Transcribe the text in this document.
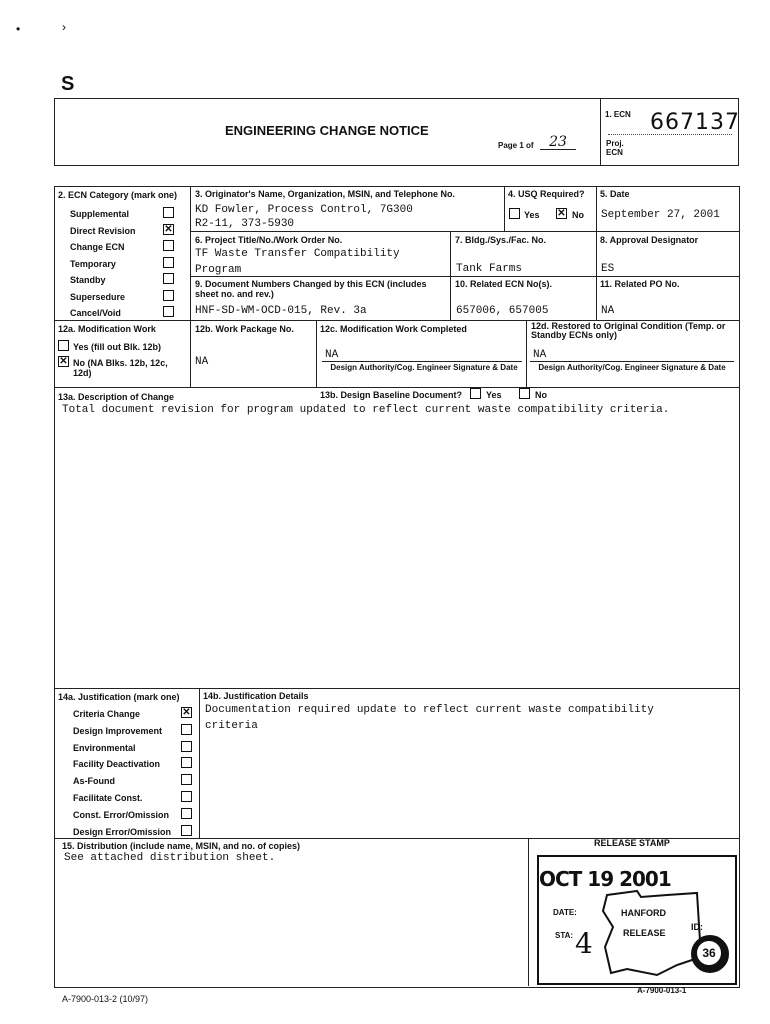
•	›
S
ENGINEERING CHANGE NOTICE
Page 1 of	23
1. ECN 667137
Proj.
ECN
2. ECN Category (mark one)
Supplemental
Direct Revision	✕
Change ECN
Temporary
Standby
Supersedure
Cancel/Void
3. Originator's Name, Organization, MSIN, and Telephone No.
KD Fowler, Process Control, 7G300
R2-11, 373-5930
4. USQ Required?
Yes ✕ No
5. Date
September 27, 2001
6. Project Title/No./Work Order No.
TF Waste Transfer Compatibility
Program
7. Bldg./Sys./Fac. No.
Tank Farms
8. Approval Designator
ES
9. Document Numbers Changed by this ECN (includes sheet no. and rev.)
HNF-SD-WM-OCD-015, Rev. 3a
10. Related ECN No(s).
657006, 657005
11. Related PO No.
NA
12a. Modification Work
Yes (fill out Blk. 12b)
✕ No (NA Blks. 12b, 12c, 12d)
12b. Work Package No.
NA
12c. Modification Work Completed
NA
Design Authority/Cog. Engineer Signature & Date
12d. Restored to Original Condition (Temp. or Standby ECNs only)
NA
Design Authority/Cog. Engineer Signature & Date
13a. Description of Change	13b. Design Baseline Document?	Yes	No
Total document revision for program updated to reflect current waste compatibility criteria.
14a. Justification (mark one)
Criteria Change	✕
Design Improvement
Environmental
Facility Deactivation
As-Found
Facilitate Const.
Const. Error/Omission
Design Error/Omission
14b. Justification Details
Documentation required update to reflect current waste compatibility
criteria
15. Distribution (include name, MSIN, and no. of copies)
See attached distribution sheet.
RELEASE STAMP
OCT 19 2001
DATE:
STA: 4
HANFORD
RELEASE
ID:
36
A-7900-013-2 (10/97)
A-7900-013-1
